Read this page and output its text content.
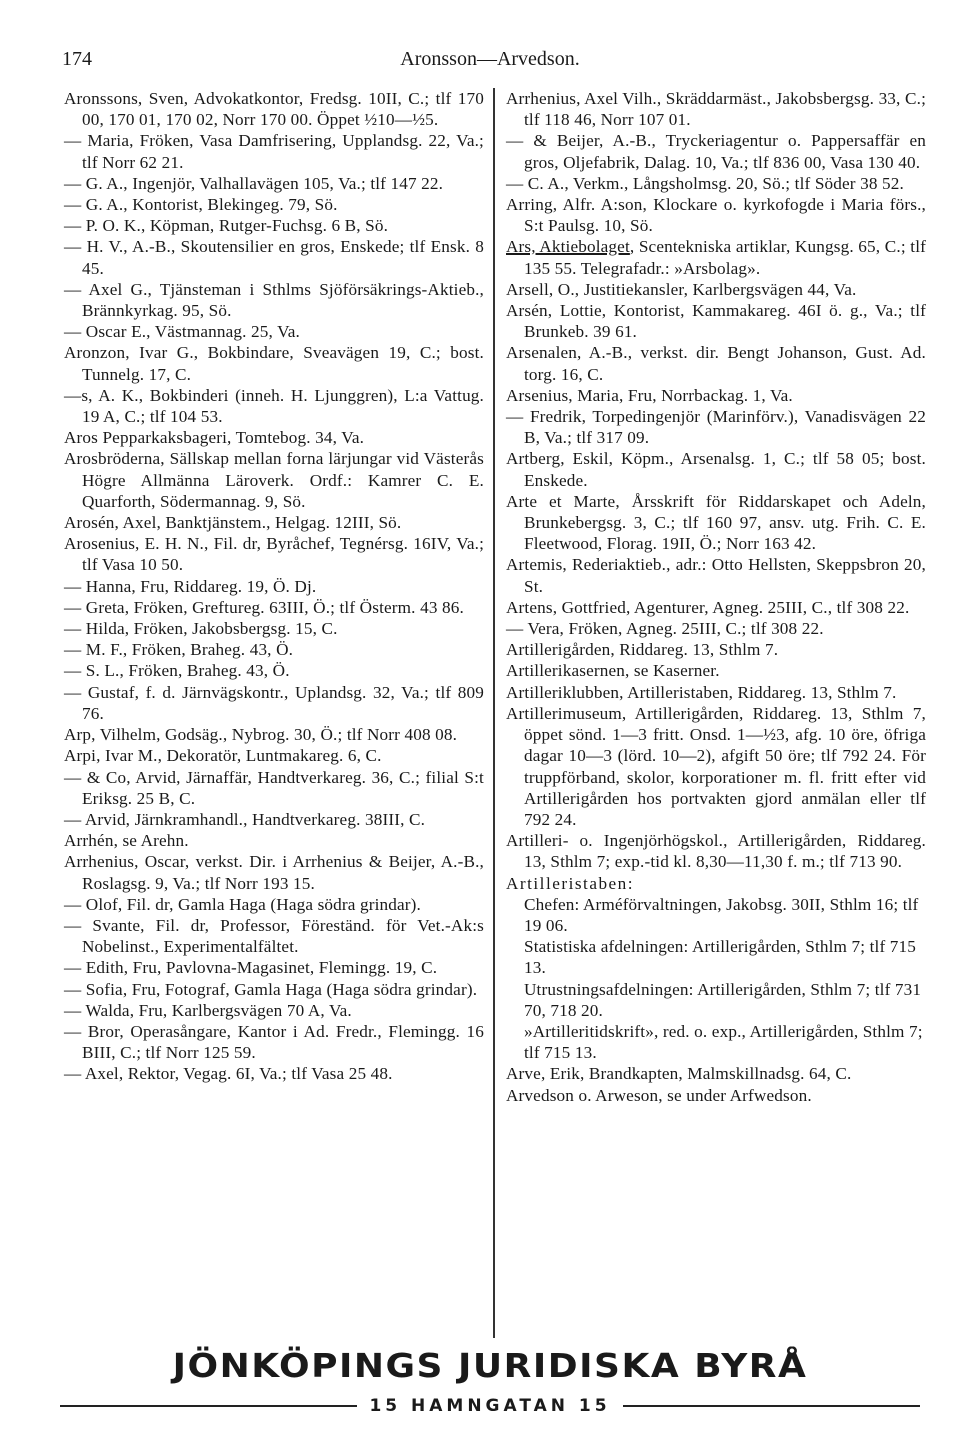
174	Aronsson—Arvedson.
Aronssons, Sven, Advokatkontor, Fredsg. 10II, C.; tlf 170 00, 170 01, 170 02, Norr 170 00. Öppet ½10—½5.
— Maria, Fröken, Vasa Damfrisering, Upplandsg. 22, Va.; tlf Norr 62 21.
— G. A., Ingenjör, Valhallavägen 105, Va.; tlf 147 22.
— G. A., Kontorist, Blekingeg. 79, Sö.
— P. O. K., Köpman, Rutger-Fuchsg. 6 B, Sö.
— H. V., A.-B., Skoutensilier en gros, Enskede; tlf Ensk. 8 45.
— Axel G., Tjänsteman i Sthlms Sjöförsäkrings-Aktieb., Brännkyrkag. 95, Sö.
— Oscar E., Västmannag. 25, Va.
Aronzon, Ivar G., Bokbindare, Sveavägen 19, C.; bost. Tunnelg. 17, C.
—s, A. K., Bokbinderi (inneh. H. Ljunggren), L:a Vattug. 19 A, C.; tlf 104 53.
Aros Pepparkaksbageri, Tomtebog. 34, Va.
Arosbröderna, Sällskap mellan forna lärjungar vid Västerås Högre Allmänna Läroverk. Ordf.: Kamrer C. E. Quarforth, Södermannag. 9, Sö.
Arosén, Axel, Banktjänstem., Helgag. 12III, Sö.
Arosenius, E. H. N., Fil. dr, Byråchef, Tegnérsg. 16IV, Va.; tlf Vasa 10 50.
— Hanna, Fru, Riddareg. 19, Ö. Dj.
— Greta, Fröken, Greftureg. 63III, Ö.; tlf Österm. 43 86.
— Hilda, Fröken, Jakobsbergsg. 15, C.
— M. F., Fröken, Braheg. 43, Ö.
— S. L., Fröken, Braheg. 43, Ö.
— Gustaf, f. d. Järnvägskontr., Uplandsg. 32, Va.; tlf 809 76.
Arp, Vilhelm, Godsäg., Nybrog. 30, Ö.; tlf Norr 408 08.
Arpi, Ivar M., Dekoratör, Luntmakareg. 6, C.
— & Co, Arvid, Järnaffär, Handtverkareg. 36, C.; filial S:t Eriksg. 25 B, C.
— Arvid, Järnkramhandl., Handtverkareg. 38III, C.
Arrhén, se Arehn.
Arrhenius, Oscar, verkst. Dir. i Arrhenius & Beijer, A.-B., Roslagsg. 9, Va.; tlf Norr 193 15.
— Olof, Fil. dr, Gamla Haga (Haga södra grindar).
— Svante, Fil. dr, Professor, Föreständ. för Vet.-Ak:s Nobelinst., Experimentalfältet.
— Edith, Fru, Pavlovna-Magasinet, Flemingg. 19, C.
— Sofia, Fru, Fotograf, Gamla Haga (Haga södra grindar).
— Walda, Fru, Karlbergsvägen 70 A, Va.
— Bror, Operasångare, Kantor i Ad. Fredr., Flemingg. 16 BIII, C.; tlf Norr 125 59.
— Axel, Rektor, Vegag. 6I, Va.; tlf Vasa 25 48.
Arrhenius, Axel Vilh., Skräddarmäst., Jakobsbergsg. 33, C.; tlf 118 46, Norr 107 01.
— & Beijer, A.-B., Tryckeriagentur o. Pappersaffär en gros, Oljefabrik, Dalag. 10, Va.; tlf 836 00, Vasa 130 40.
— C. A., Verkm., Långsholmsg. 20, Sö.; tlf Söder 38 52.
Arring, Alfr. A:son, Klockare o. kyrkofogde i Maria förs., S:t Paulsg. 10, Sö.
Ars, Aktiebolaget, Scentekniska artiklar, Kungsg. 65, C.; tlf 135 55. Telegrafadr.: »Arsbolag».
Arsell, O., Justitiekansler, Karlbergsvägen 44, Va.
Arsén, Lottie, Kontorist, Kammakareg. 46I ö. g., Va.; tlf Brunkeb. 39 61.
Arsenalen, A.-B., verkst. dir. Bengt Johanson, Gust. Ad. torg. 16, C.
Arsenius, Maria, Fru, Norrbackag. 1, Va.
— Fredrik, Torpedingenjör (Marinförv.), Vanadisvägen 22 B, Va.; tlf 317 09.
Artberg, Eskil, Köpm., Arsenalsg. 1, C.; tlf 58 05; bost. Enskede.
Arte et Marte, Årsskrift för Riddarskapet och Adeln, Brunkebergsg. 3, C.; tlf 160 97, ansv. utg. Frih. C. E. Fleetwood, Florag. 19II, Ö.; Norr 163 42.
Artemis, Rederiaktieb., adr.: Otto Hellsten, Skeppsbron 20, St.
Artens, Gottfried, Agenturer, Agneg. 25III, C., tlf 308 22.
— Vera, Fröken, Agneg. 25III, C.; tlf 308 22.
Artillerigården, Riddareg. 13, Sthlm 7.
Artillerikasernen, se Kaserner.
Artilleriklubben, Artilleristaben, Riddareg. 13, Sthlm 7.
Artillerimuseum, Artillerigården, Riddareg. 13, Sthlm 7, öppet sönd. 1—3 fritt. Onsd. 1—½3, afg. 10 öre, öfriga dagar 10—3 (lörd. 10—2), afgift 50 öre; tlf 792 24. För truppförband, skolor, korporationer m. fl. fritt efter vid Artillerigården hos portvakten gjord anmälan eller tlf 792 24.
Artilleri- o. Ingenjörhögskol., Artillerigården, Riddareg. 13, Sthlm 7; exp.-tid kl. 8,30—11,30 f. m.; tlf 713 90.
Artilleristaben:
Chefen: Arméförvaltningen, Jakobsg. 30II, Sthlm 16; tlf 19 06.
Statistiska afdelningen: Artillerigården, Sthlm 7; tlf 715 13.
Utrustningsafdelningen: Artillerigården, Sthlm 7; tlf 731 70, 718 20.
»Artilleritidskrift», red. o. exp., Artillerigården, Sthlm 7; tlf 715 13.
Arve, Erik, Brandkapten, Malmskillnadsg. 64, C.
Arvedson o. Arweson, se under Arfwedson.
JÖNKÖPINGS JURIDISKA BYRÅ
15 HAMNGATAN 15
